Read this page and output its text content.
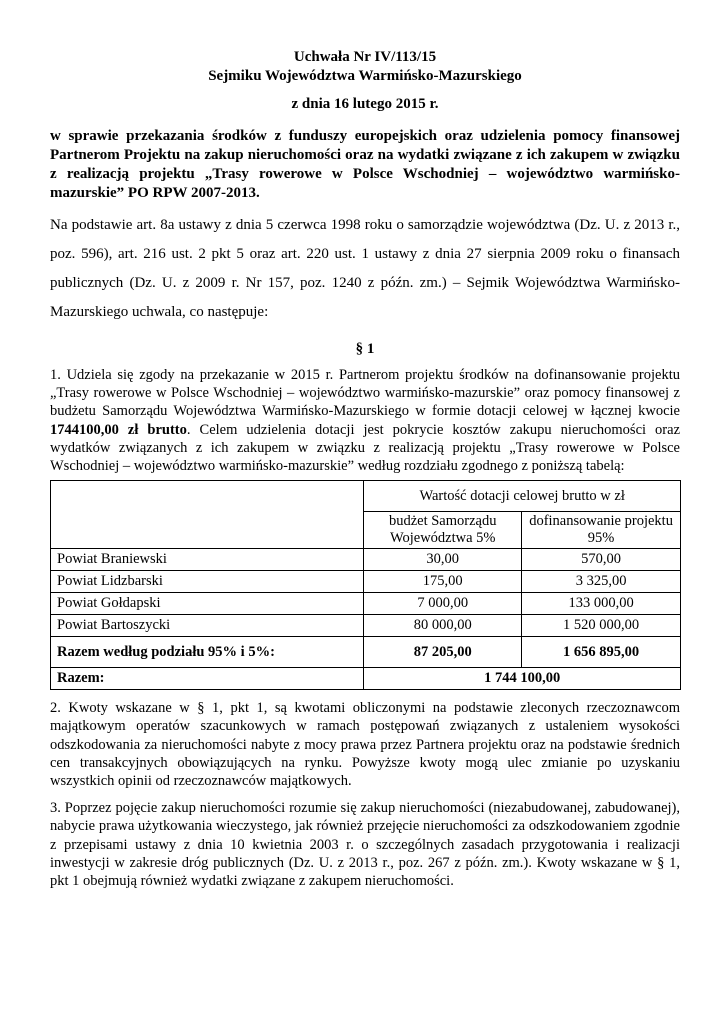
Uchwała Nr IV/113/15
Sejmiku Województwa Warmińsko-Mazurskiego
z dnia 16 lutego 2015 r.
w sprawie przekazania środków z funduszy europejskich oraz udzielenia pomocy finansowej Partnerom Projektu na zakup nieruchomości oraz na wydatki związane z ich zakupem w związku z realizacją projektu „Trasy rowerowe w Polsce Wschodniej – województwo warmińsko-mazurskie” PO RPW 2007-2013.
Na podstawie art. 8a ustawy z dnia 5 czerwca 1998 roku o samorządzie województwa (Dz. U. z 2013 r., poz. 596), art. 216 ust. 2 pkt 5 oraz art. 220 ust. 1 ustawy z dnia 27 sierpnia 2009 roku o finansach publicznych (Dz. U. z 2009 r. Nr 157, poz. 1240 z późn. zm.) – Sejmik Województwa Warmińsko-Mazurskiego uchwala, co następuje:
§ 1
1. Udziela się zgody na przekazanie w 2015 r. Partnerom projektu środków na dofinansowanie projektu „Trasy rowerowe w Polsce Wschodniej – województwo warmińsko-mazurskie” oraz pomocy finansowej z budżetu Samorządu Województwa Warmińsko-Mazurskiego w formie dotacji celowej w łącznej kwocie 1744100,00 zł brutto. Celem udzielenia dotacji jest pokrycie kosztów zakupu nieruchomości oraz wydatków związanych z ich zakupem w związku z realizacją projektu „Trasy rowerowe w Polsce Wschodniej – województwo warmińsko-mazurskie” według rozdziału zgodnego z poniższą tabelą:
	Wartość dotacji celowej brutto w zł	
	budżet Samorządu Województwa 5%	dofinansowanie projektu 95%
Powiat Braniewski	30,00	570,00
Powiat Lidzbarski	175,00	3 325,00
Powiat Gołdapski	7 000,00	133 000,00
Powiat Bartoszycki	80 000,00	1 520 000,00
Razem według podziału 95% i 5%:	87 205,00	1 656 895,00
Razem:	1 744 100,00	
2. Kwoty wskazane w § 1, pkt 1, są kwotami obliczonymi na podstawie zleconych rzeczoznawcom majątkowym operatów szacunkowych w ramach postępowań związanych z ustaleniem wysokości odszkodowania za nieruchomości nabyte z mocy prawa przez Partnera projektu oraz na podstawie średnich cen transakcyjnych obowiązujących na rynku. Powyższe kwoty mogą ulec zmianie po uzyskaniu wszystkich opinii od rzeczoznawców majątkowych.
3. Poprzez pojęcie zakup nieruchomości rozumie się zakup nieruchomości (niezabudowanej, zabudowanej), nabycie prawa użytkowania wieczystego, jak również przejęcie nieruchomości za odszkodowaniem zgodnie z przepisami ustawy z dnia 10 kwietnia 2003 r. o szczególnych zasadach przygotowania i realizacji inwestycji w zakresie dróg publicznych (Dz. U. z 2013 r., poz. 267 z późn. zm.). Kwoty wskazane w § 1, pkt 1 obejmują również wydatki związane z zakupem nieruchomości.
